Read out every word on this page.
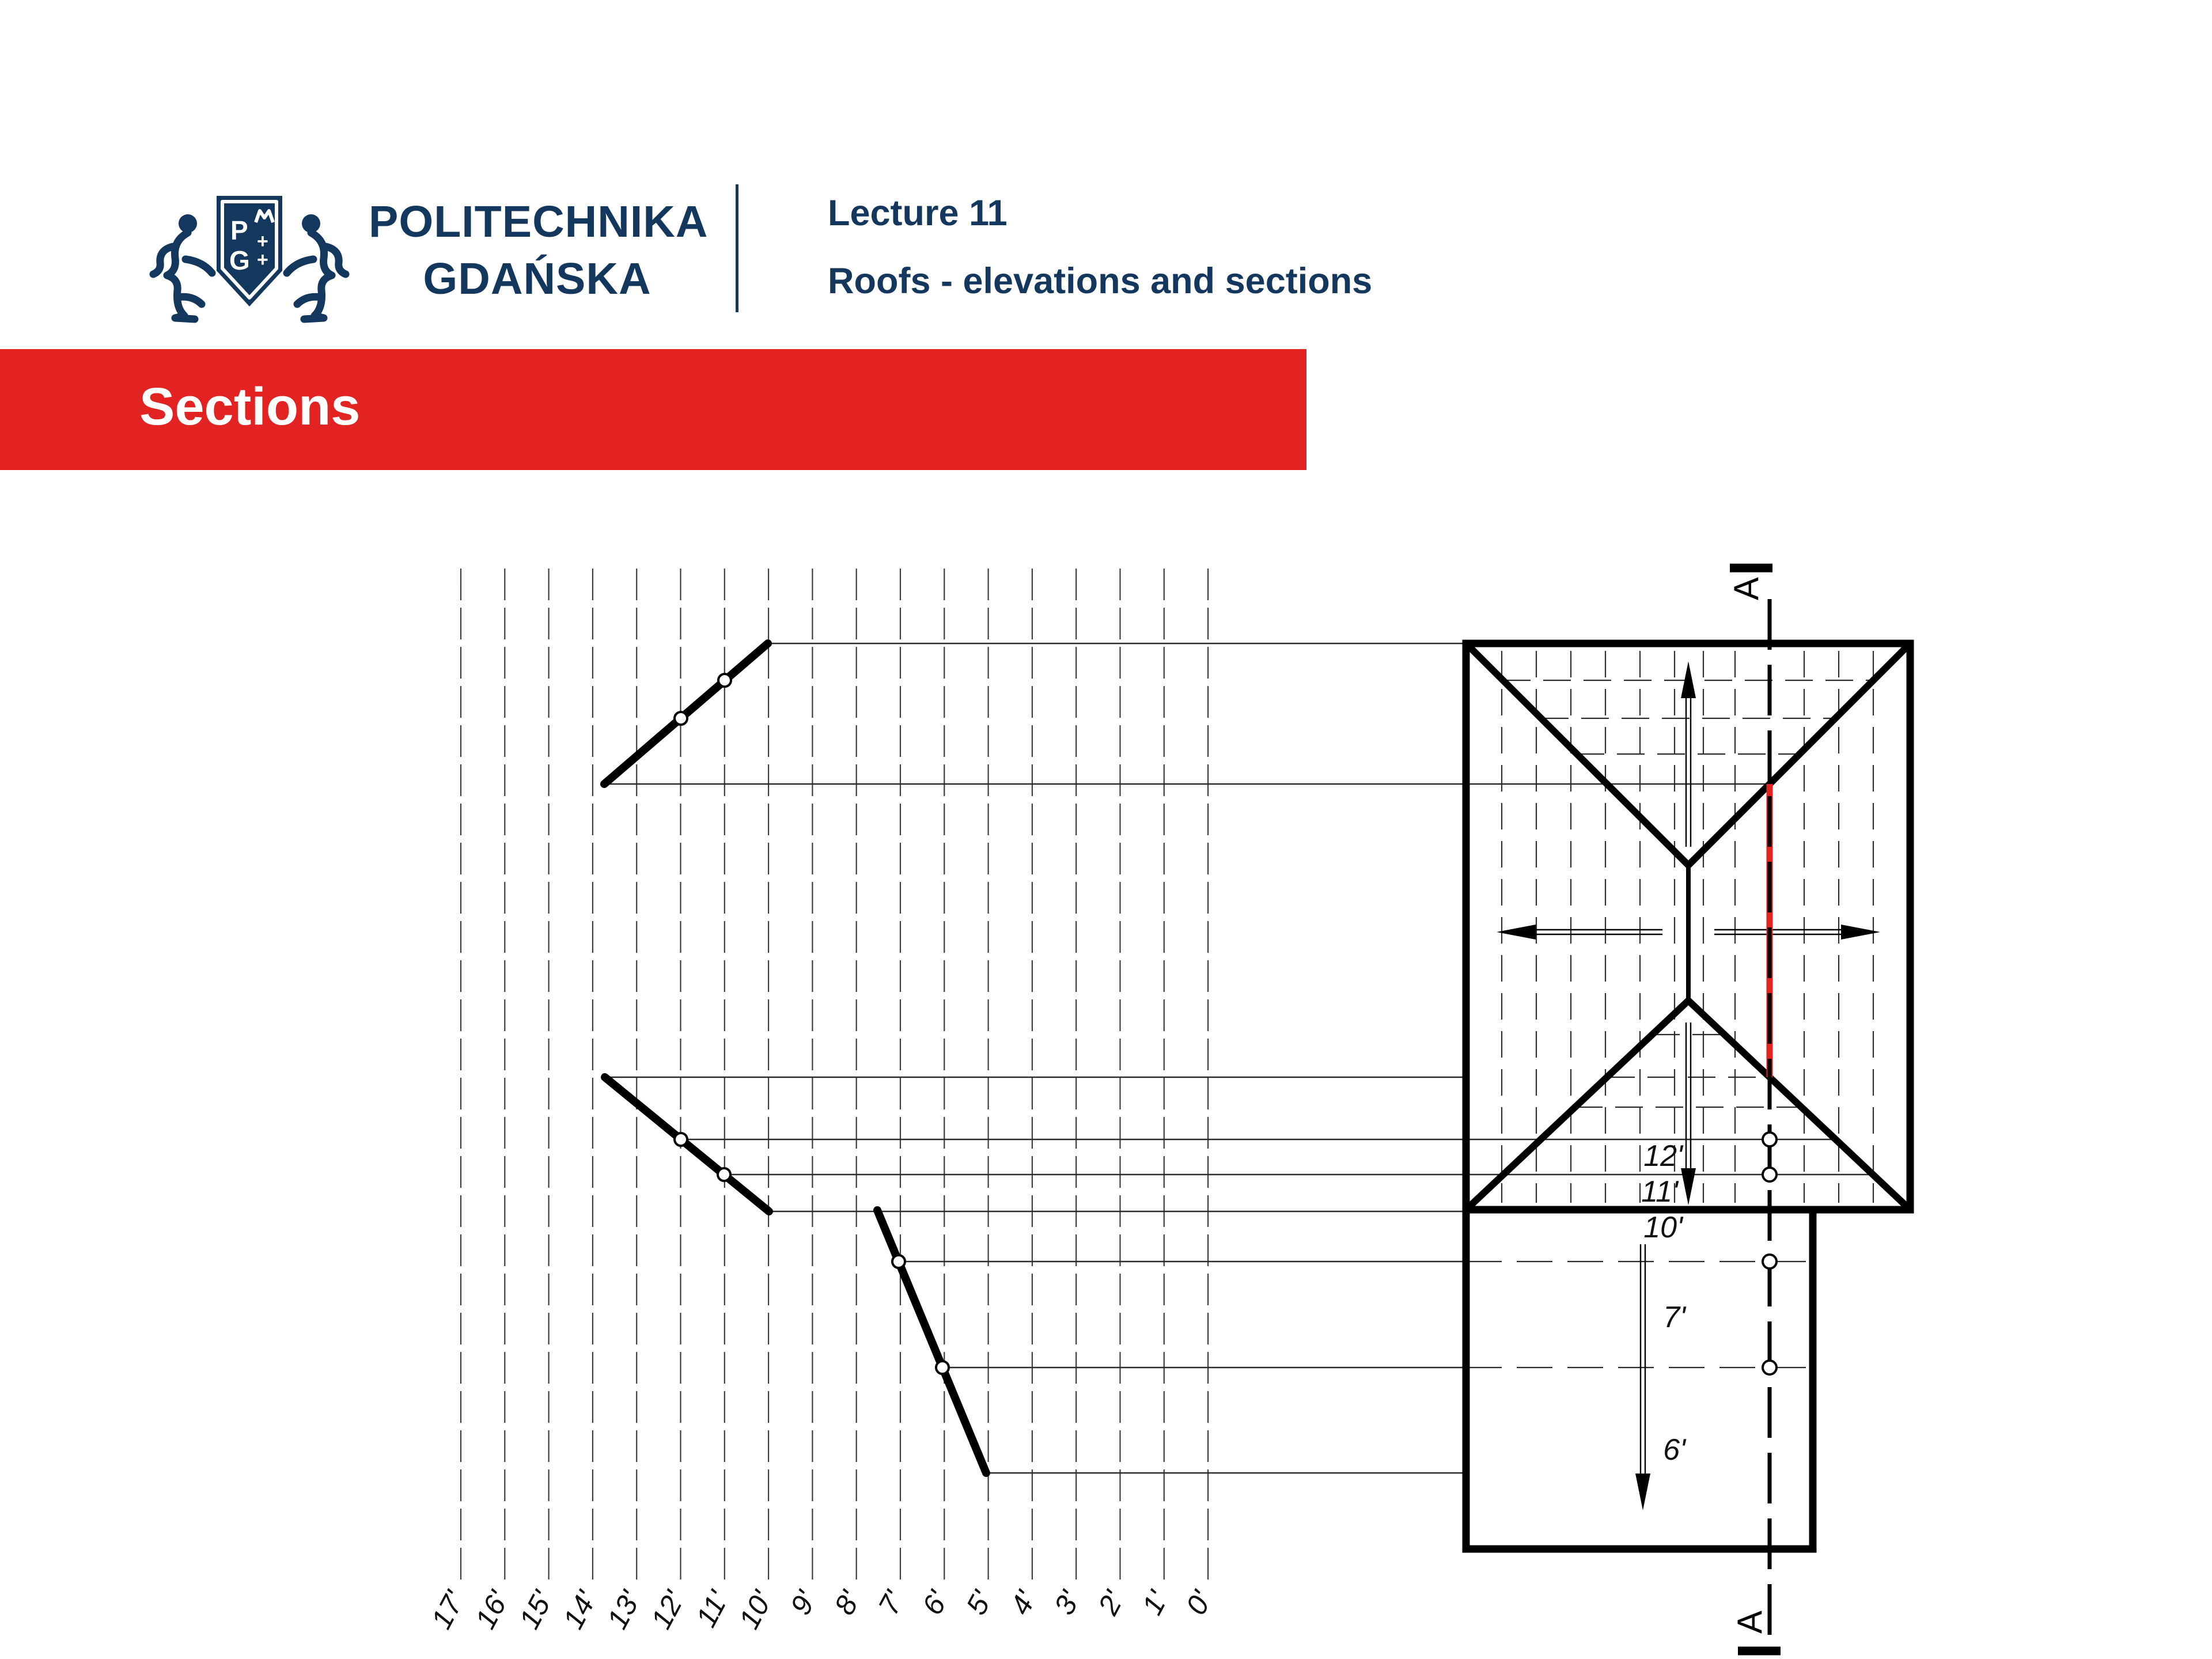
P
G
+
+
POLITECHNIKA
GDAŃSKA
Lecture 11
Roofs - elevations and sections
Sections
A
A
17'
16'
15'
14'
13'
12'
11'
10' 9' 8' 7' 6' 5' 4' 3' 2' 1' 0'
12'
11'
10'
7'
6'
